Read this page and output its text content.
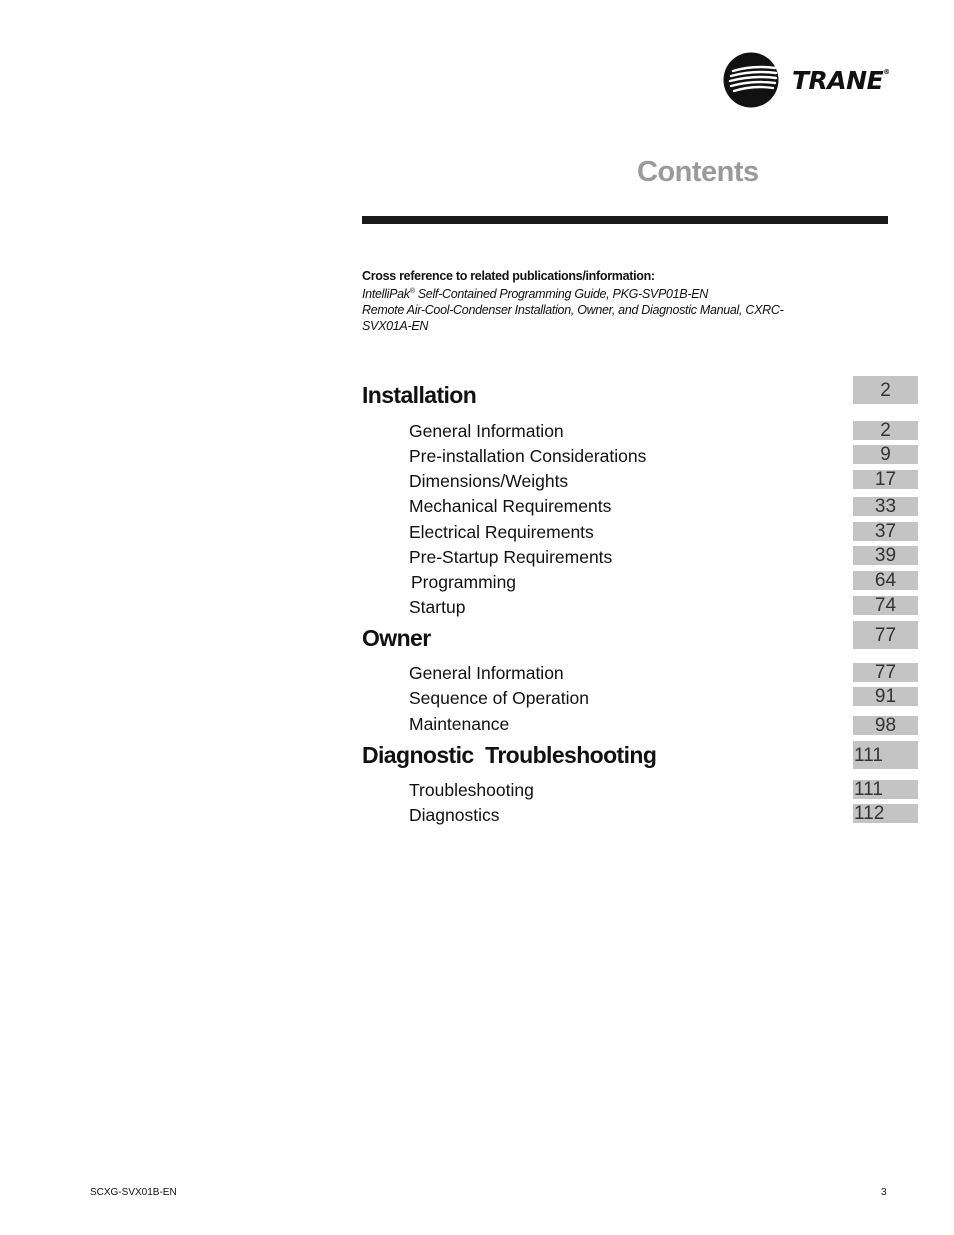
TRANE®
Contents
Cross reference to related publications/information:
IntelliPak® Self-Contained Programming Guide, PKG-SVP01B-EN
Remote Air-Cool-Condenser Installation, Owner, and Diagnostic Manual, CXRC-
SVX01A-EN
Installation	2
General Information	2
Pre-installation Considerations	9
Dimensions/Weights	17
Mechanical Requirements	33
Electrical Requirements	37
Pre-Startup Requirements	39
Programming	64
Startup	74
Owner	77
General Information	77
Sequence of Operation	91
Maintenance	98
Diagnostic  Troubleshooting	111
Troubleshooting	111
Diagnostics	112
SCXG-SVX01B-EN	3
